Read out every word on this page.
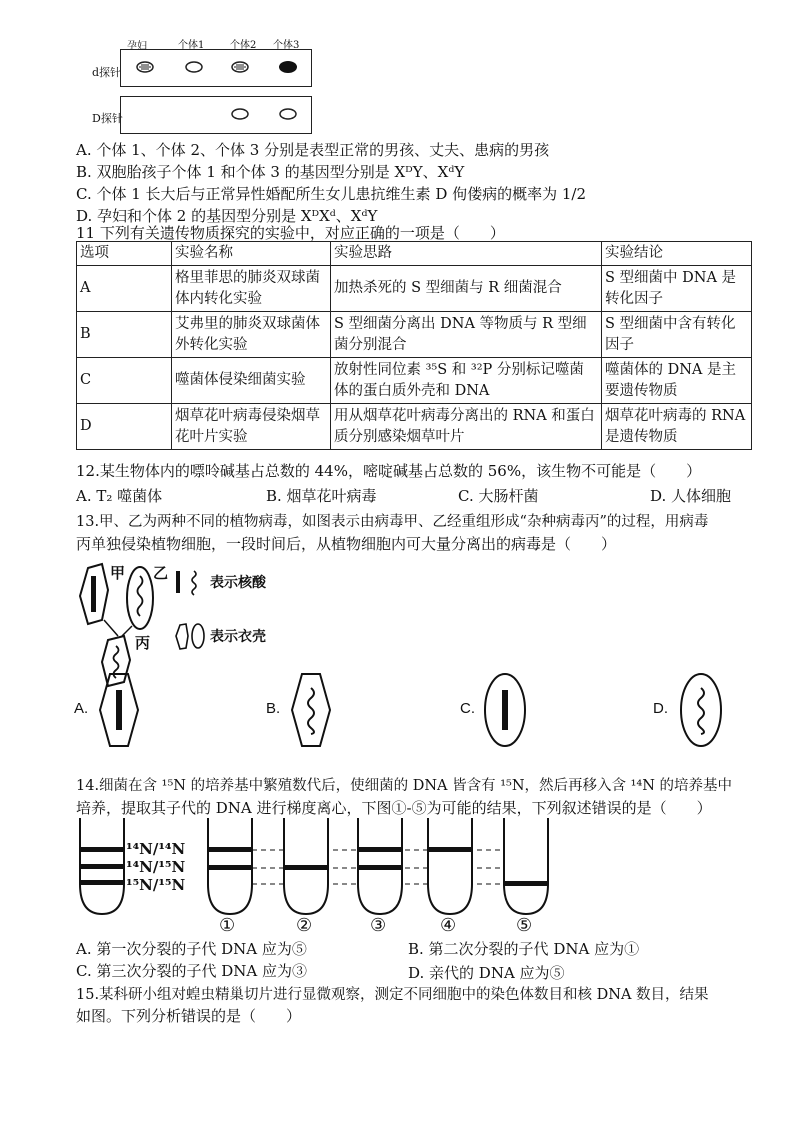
孕妇	个体1	个体2 个体3
d探针
D探针
A. 个体 1、个体 2、个体 3 分别是表型正常的男孩、丈夫、患病的男孩
B. 双胞胎孩子个体 1 和个体 3 的基因型分别是 XᴰY、XᵈY
C. 个体 1 长大后与正常异性婚配所生女儿患抗维生素 D 佝偻病的概率为 1/2
D. 孕妇和个体 2 的基因型分别是 XᴰXᵈ、XᵈY
11 下列有关遗传物质探究的实验中，对应正确的一项是（　　）
选项	实验名称	实验思路	实验结论
A	格里菲思的肺炎双球菌体内转化实验	加热杀死的 S 型细菌与 R 细菌混合	S 型细菌中 DNA 是转化因子
B	艾弗里的肺炎双球菌体外转化实验	S 型细菌分离出 DNA 等物质与 R 型细菌分别混合	S 型细菌中含有转化因子
C	噬菌体侵染细菌实验	放射性同位素 ³⁵S 和 ³²P 分别标记噬菌体的蛋白质外壳和 DNA	噬菌体的 DNA 是主要遗传物质
D	烟草花叶病毒侵染烟草花叶片实验	用从烟草花叶病毒分离出的 RNA 和蛋白质分别感染烟草叶片	烟草花叶病毒的 RNA 是遗传物质
12.某生物体内的嘌呤碱基占总数的 44%，嘧啶碱基占总数的 56%，该生物不可能是（　　）
A. T₂ 噬菌体	B. 烟草花叶病毒	C. 大肠杆菌	D. 人体细胞
13.甲、乙为两种不同的植物病毒，如图表示由病毒甲、乙经重组形成“杂种病毒丙”的过程，用病毒
丙单独侵染植物细胞，一段时间后，从植物细胞内可大量分离出的病毒是（　　）
甲 乙
丙
表示核酸
表示衣壳
A.	B.	C.	D.
14.细菌在含 ¹⁵N 的培养基中繁殖数代后，使细菌的 DNA 皆含有 ¹⁵N，然后再移入含 ¹⁴N 的培养基中
培养，提取其子代的 DNA 进行梯度离心，下图①-⑤为可能的结果，下列叙述错误的是（　　）
¹⁴N/¹⁴N
¹⁴N/¹⁵N
¹⁵N/¹⁵N
①	②	③	④	⑤
A. 第一次分裂的子代 DNA 应为⑤	B. 第二次分裂的子代 DNA 应为①
C. 第三次分裂的子代 DNA 应为③	D. 亲代的 DNA 应为⑤
15.某科研小组对蝗虫精巢切片进行显微观察，测定不同细胞中的染色体数目和核 DNA 数目，结果
如图。下列分析错误的是（　　）
